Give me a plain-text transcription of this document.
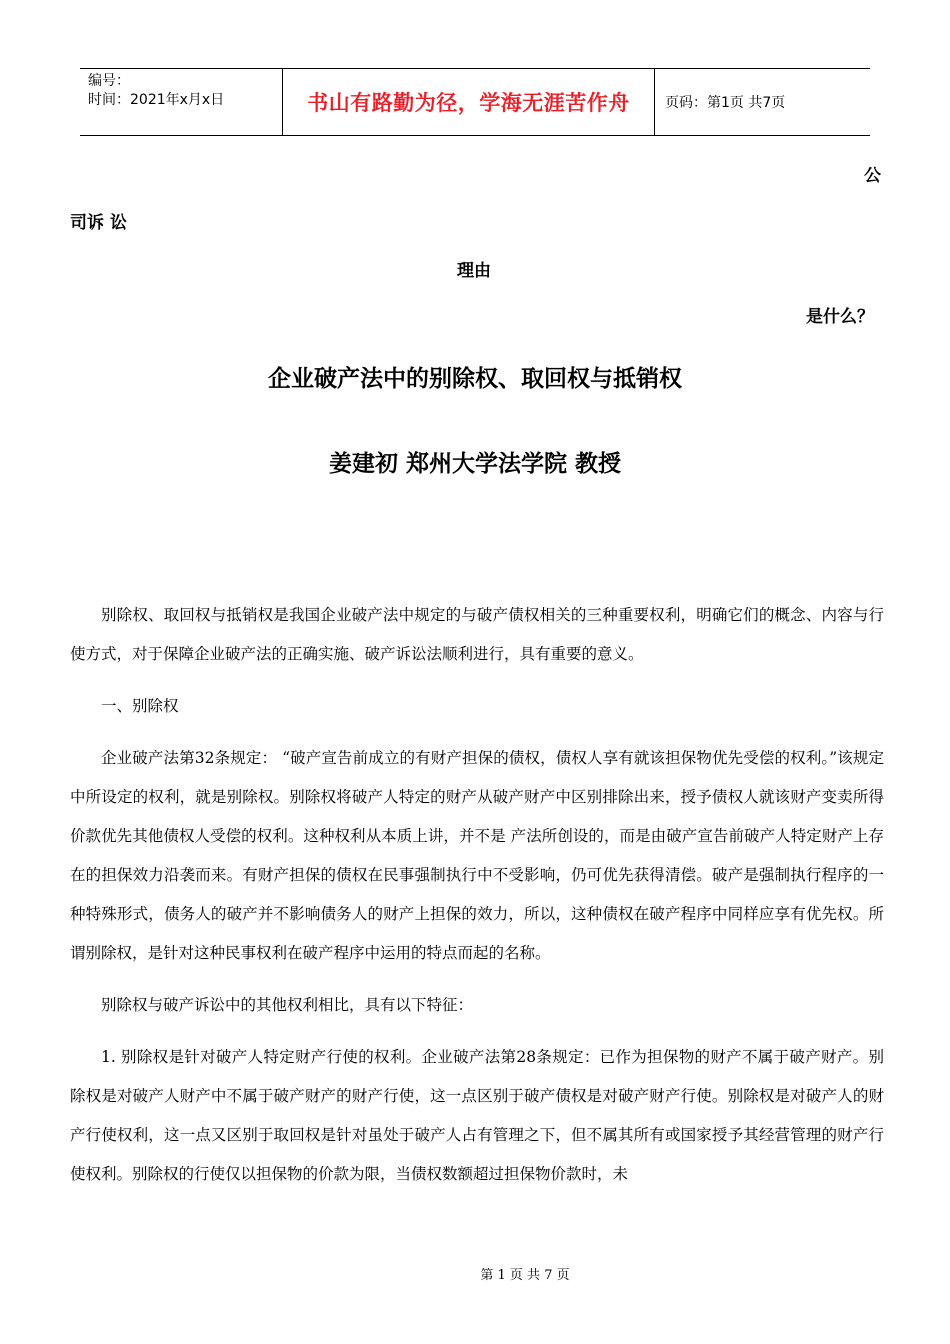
编号：
时间：2021年x月x日	书山有路勤为径，学海无涯苦作舟	页码：第1页 共7页
公
司诉 讼
理由
是什么？
企业破产法中的别除权、取回权与抵销权
姜建初 郑州大学法学院 教授

别除权、取回权与抵销权是我国企业破产法中规定的与破产债权相关的三种重要权利，明确它们的概念、内容与行使方式，对于保障企业破产法的正确实施、破产诉讼法顺利进行，具有重要的意义。

一、别除权

企业破产法第32条规定： “破产宣告前成立的有财产担保的债权，债权人享有就该担保物优先受偿的权利。”该规定中所设定的权利，就是别除权。别除权将破产人特定的财产从破产财产中区别排除出来，授予债权人就该财产变卖所得价款优先其他债权人受偿的权利。这种权利从本质上讲，并不是 产法所创设的，而是由破产宣告前破产人特定财产上存在的担保效力沿袭而来。有财产担保的债权在民事强制执行中不受影响，仍可优先获得清偿。破产是强制执行程序的一种特殊形式，债务人的破产并不影响债务人的财产上担保的效力，所以，这种债权在破产程序中同样应享有优先权。所谓别除权，是针对这种民事权利在破产程序中运用的特点而起的名称。

别除权与破产诉讼中的其他权利相比，具有以下特征：

1. 别除权是针对破产人特定财产行使的权利。企业破产法第28条规定：已作为担保物的财产不属于破产财产。别除权是对破产人财产中不属于破产财产的财产行使，这一点区别于破产债权是对破产财产行使。别除权是对破产人的财产行使权利，这一点又区别于取回权是针对虽处于破产人占有管理之下，但不属其所有或国家授予其经营管理的财产行使权利。别除权的行使仅以担保物的价款为限，当债权数额超过担保物价款时，未

第 1 页 共 7 页
